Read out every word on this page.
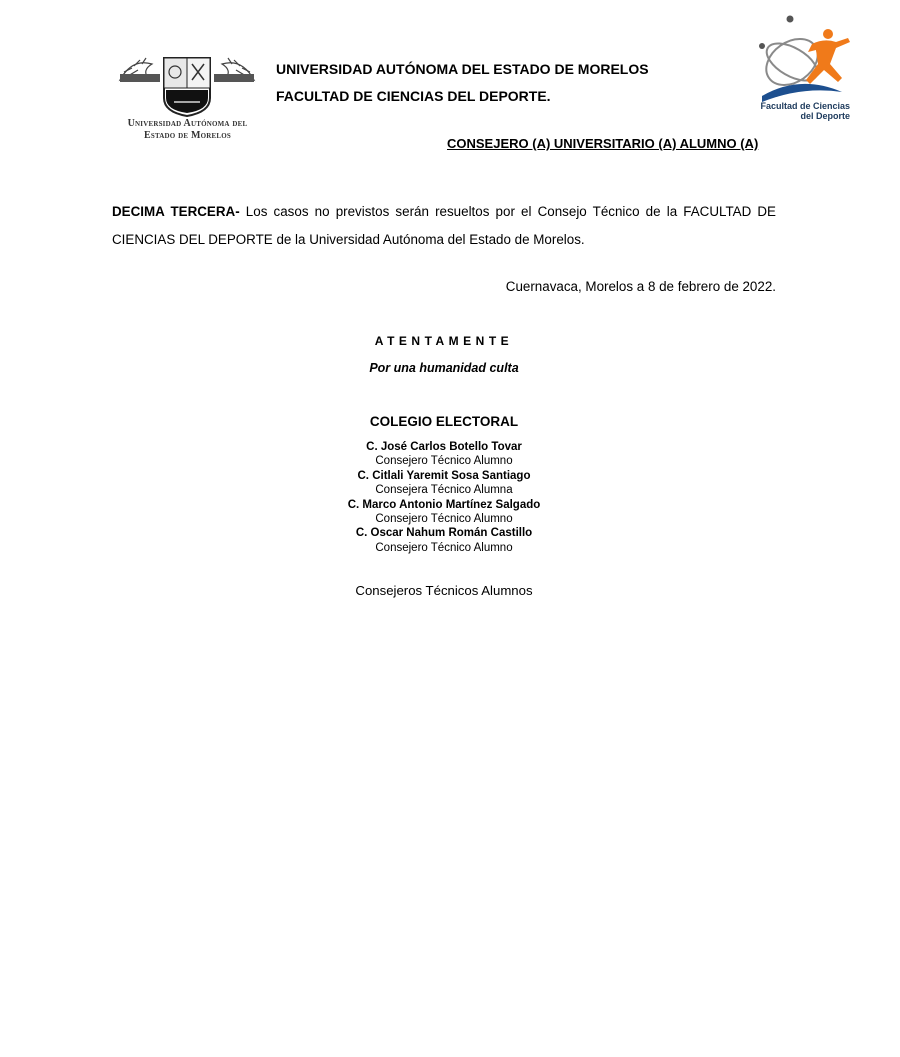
Universidad Autónoma del
Estado de Morelos
UNIVERSIDAD AUTÓNOMA DEL ESTADO DE MORELOS
FACULTAD DE CIENCIAS DEL DEPORTE.
Facultad de Ciencias
del Deporte
CONSEJERO (A) UNIVERSITARIO (A) ALUMNO (A)
DECIMA TERCERA- Los casos no previstos serán resueltos por el Consejo Técnico de la FACULTAD DE CIENCIAS DEL DEPORTE de la Universidad Autónoma del Estado de Morelos.
Cuernavaca, Morelos a 8 de febrero de 2022.
ATENTAMENTE
Por una humanidad culta
COLEGIO ELECTORAL
C. José Carlos Botello Tovar
Consejero Técnico Alumno
C. Citlali Yaremit Sosa Santiago
Consejera Técnico Alumna
C. Marco Antonio Martínez Salgado
Consejero Técnico Alumno
C. Oscar Nahum Román Castillo
Consejero Técnico Alumno
Consejeros Técnicos Alumnos
